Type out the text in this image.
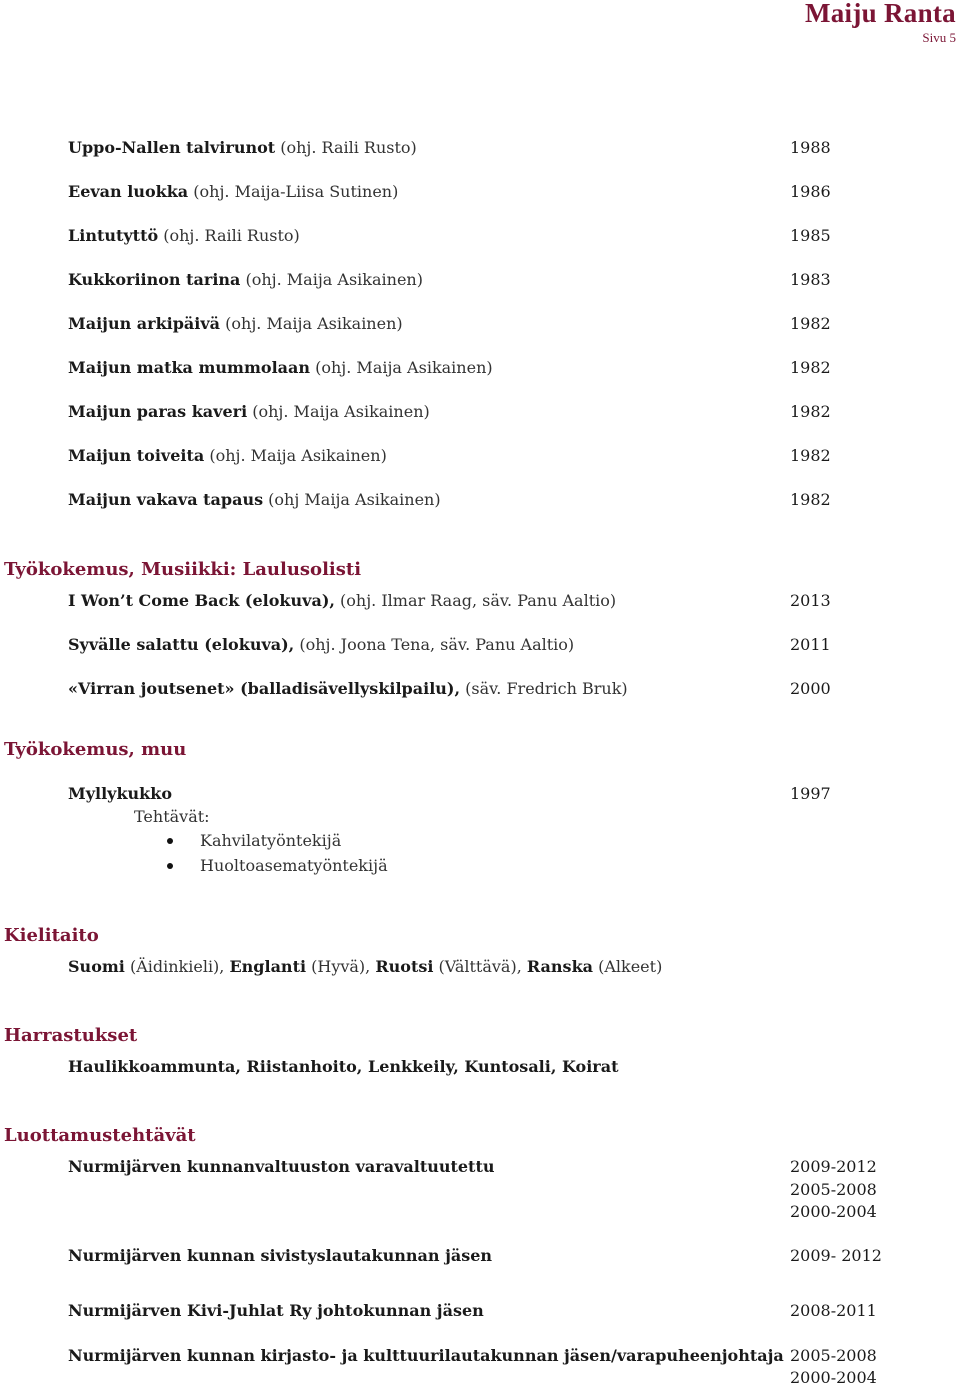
Maiju Ranta
Sivu 5
Uppo-Nallen talvirunot (ohj. Raili Rusto)	1988
Eevan luokka (ohj. Maija-Liisa Sutinen)	1986
Lintutyttö (ohj. Raili Rusto)	1985
Kukkoriinon tarina (ohj. Maija Asikainen)	1983
Maijun arkipäivä (ohj. Maija Asikainen)	1982
Maijun matka mummolaan (ohj. Maija Asikainen)	1982
Maijun paras kaveri (ohj. Maija Asikainen)	1982
Maijun toiveita (ohj. Maija Asikainen)	1982
Maijun vakava tapaus (ohj Maija Asikainen)	1982
Työkokemus, Musiikki: Laulusolisti
I Won’t Come Back (elokuva), (ohj. Ilmar Raag, säv. Panu Aaltio)	2013
Syvälle salattu (elokuva), (ohj. Joona Tena, säv. Panu Aaltio)	2011
«Virran joutsenet» (balladisävellyskilpailu), (säv. Fredrich Bruk)	2000
Työkokemus, muu
Myllykukko	1997
Tehtävät:
Kahvilatyöntekijä
Huoltoasematyöntekijä
Kielitaito
Suomi (Äidinkieli), Englanti (Hyvä), Ruotsi (Välttävä), Ranska (Alkeet)
Harrastukset
Haulikkoammunta, Riistanhoito, Lenkkeily, Kuntosali, Koirat
Luottamustehtävät
Nurmijärven kunnanvaltuuston varavaltuutettu	2009-2012
2005-2008
2000-2004
Nurmijärven kunnan sivistyslautakunnan jäsen	2009- 2012
Nurmijärven Kivi-Juhlat Ry johtokunnan jäsen	2008-2011
Nurmijärven kunnan kirjasto- ja kulttuurilautakunnan jäsen/varapuheenjohtaja 2005-2008
2000-2004
